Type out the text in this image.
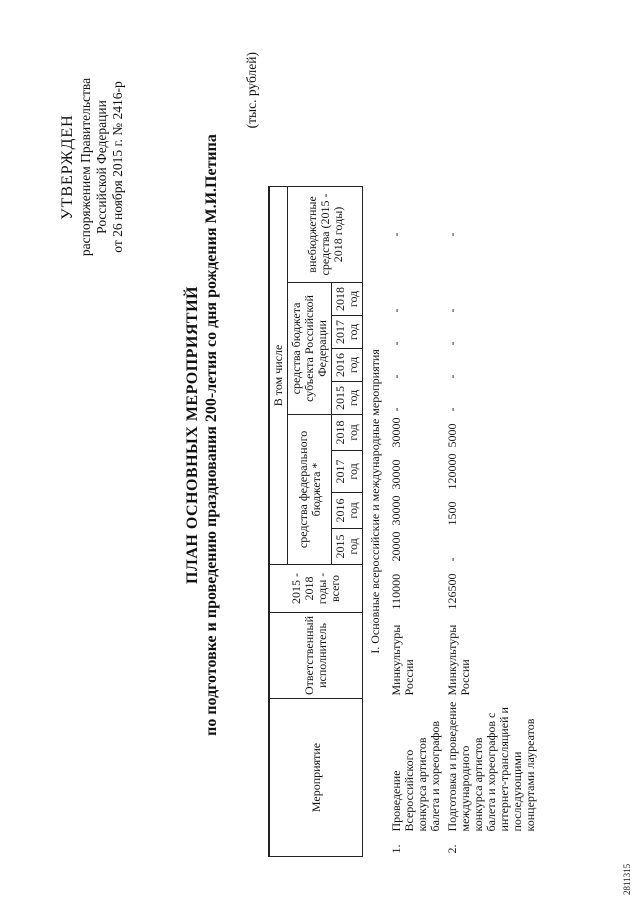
УТВЕРЖДЕН распоряжением Правительства Российской Федерации от 26 ноября 2015 г. № 2416-р
ПЛАН ОСНОВНЫХ МЕРОПРИЯТИЙ по подготовке и проведению празднования 200-летия со дня рождения М.И.Петипа
(тыс. рублей)
Мероприятие		Ответственный исполнитель	2015 - 2018 годы - всего	В том числе								
				средства федерального бюджета *				средства бюджета субъекта Российской Федерации				внебюджетные средства (2015 - 2018 годы)
				2015 год	2016 год	2017 год	2018 год	2015 год	2016 год	2017 год	2018 год	
I. Основные всероссийские и международные мероприятия												
1.	Проведение Всероссийского конкурса артистов балета и хореографов	Минкультуры России	110000	20000	30000	30000	30000	-	-	-	-	-
2.	Подготовка и проведение международного конкурса артистов балета и хореографов с интернет-трансляцией и последующими концертами лауреатов	Минкультуры России	126500	-	1500	120000	5000	-	-	-	-	-
2811315
